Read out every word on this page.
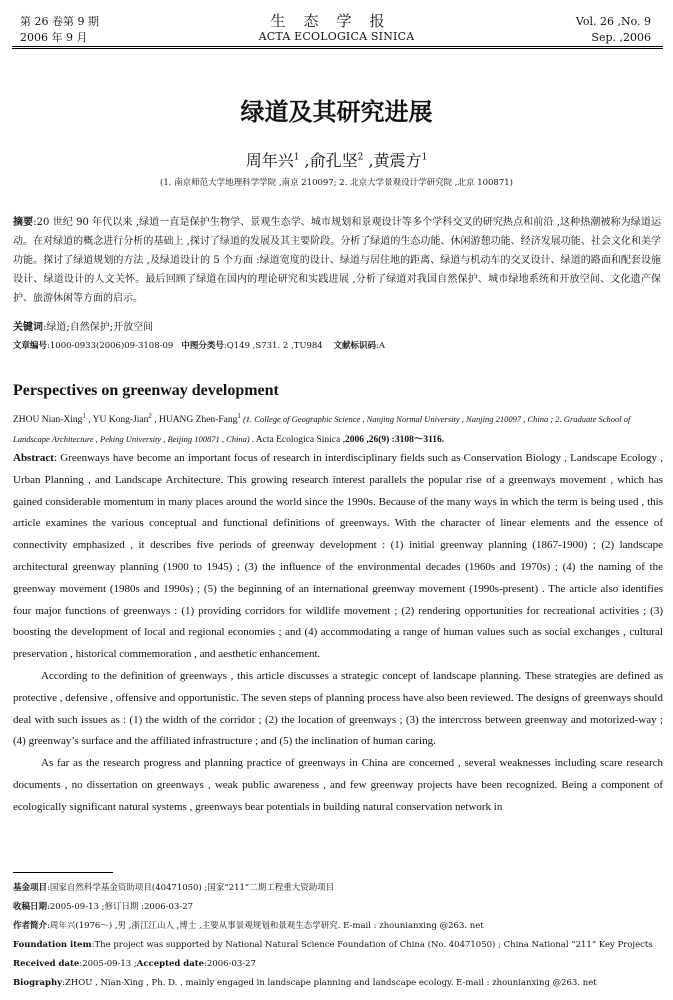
第 26 卷第 9 期
2006 年 9 月
生态学报
ACTA ECOLOGICA SINICA
Vol. 26 ,No. 9
Sep. ,2006
绿道及其研究进展
周年兴$^1$ ,俞孔坚$^2$ ,黄震方$^1$
(1. 南京师范大学地理科学学院 ,南京 210097; 2. 北京大学景观设计学研究院 ,北京 100871)
摘要:20 世纪 90 年代以来 ,绿道一直是保护生物学、景观生态学、城市规划和景观设计等多个学科交叉的研究热点和前沿 ,这种热潮被称为绿道运动。在对绿道的概念进行分析的基础上 ,探讨了绿道的发展及其主要阶段。分析了绿道的生态功能、休闲游憩功能、经济发展功能、社会文化和美学功能。探讨了绿道规划的方法 ,及绿道设计的 5 个方面 :绿道宽度的设计、绿道与居住地的距离、绿道与机动车的交叉设计、绿道的路面和配套设施设计、绿道设计的人文关怀。最后回顾了绿道在国内的理论研究和实践进展 ,分析了绿道对我国自然保护、城市绿地系统和开放空间、文化遗产保护、旅游休闲等方面的启示。
关键词:绿道;自然保护;开放空间
文章编号:1000-0933(2006)09-3108-09 中图分类号:Q149 ,S731. 2 ,TU984 文献标识码:A
Perspectives on greenway development
ZHOU Nian-Xing$^1$ , YU Kong-Jian$^2$ , HUANG Zhen-Fang$^1$ (1. College of Geographic Science , Nanjing Normal University , Nanjing 210097 , China ; 2. Graduate School of Landscape Architecture , Peking University , Beijing 100871 , China) . Acta Ecologica Sinica ,2006 ,26(9) :3108～3116.

Abstract: Greenways have become an important focus of research in interdisciplinary fields such as Conservation Biology , Landscape Ecology , Urban Planning , and Landscape Architecture. This growing research interest parallels the popular rise of a greenways movement , which has gained considerable momentum in many places around the world since the 1990s. Because of the many ways in which the term is being used , this article examines the various conceptual and functional definitions of greenways. With the character of linear elements and the essence of connectivity emphasized , it describes five periods of greenway development : (1) initial greenway planning (1867-1900) ; (2) landscape architectural greenway planning (1900 to 1945) ; (3) the influence of the environmental decades (1960s and 1970s) ; (4) the naming of the greenway movement (1980s and 1990s) ; (5) the beginning of an international greenway movement (1990s-present) . The article also identifies four major functions of greenways : (1) providing corridors for wildlife movement ; (2) rendering opportunities for recreational activities ; (3) boosting the development of local and regional economies ; and (4) accommodating a range of human values such as social exchanges , cultural preservation , historical commemoration , and aesthetic enhancement.

According to the definition of greenways , this article discusses a strategic concept of landscape planning. These strategies are defined as protective , defensive , offensive and opportunistic. The seven steps of planning process have also been reviewed. The designs of greenways should deal with such issues as : (1) the width of the corridor ; (2) the location of greenways ; (3) the intercross between greenway and motorized-way ; (4) greenway’s surface and the affiliated infrastructure ; and (5) the inclination of human caring.

As far as the research progress and planning practice of greenways in China are concerned , several weaknesses including scare research documents , no dissertation on greenways , weak public awareness , and few greenway projects have been recognized. Being a component of ecologically significant natural systems , greenways bear potentials in building natural conservation network in

基金项目:国家自然科学基金资助项目(40471050) ;国家“211”二期工程重大资助项目
收稿日期:2005-09-13 ;修订日期 :2006-03-27
作者简介:周年兴(1976～) ,男 ,浙江江山人 ,博士 ,主要从事景观规划和景观生态学研究. E-mail : zhounianxing @263. net
Foundation item:The project was supported by National Natural Science Foundation of China (No. 40471050) ; China National “211” Key Projects
Received date:2005-09-13 ;Accepted date:2006-03-27
Biography:ZHOU , Nian-Xing , Ph. D. , mainly engaged in landscape planning and landscape ecology. E-mail : zhounianxing @263. net
